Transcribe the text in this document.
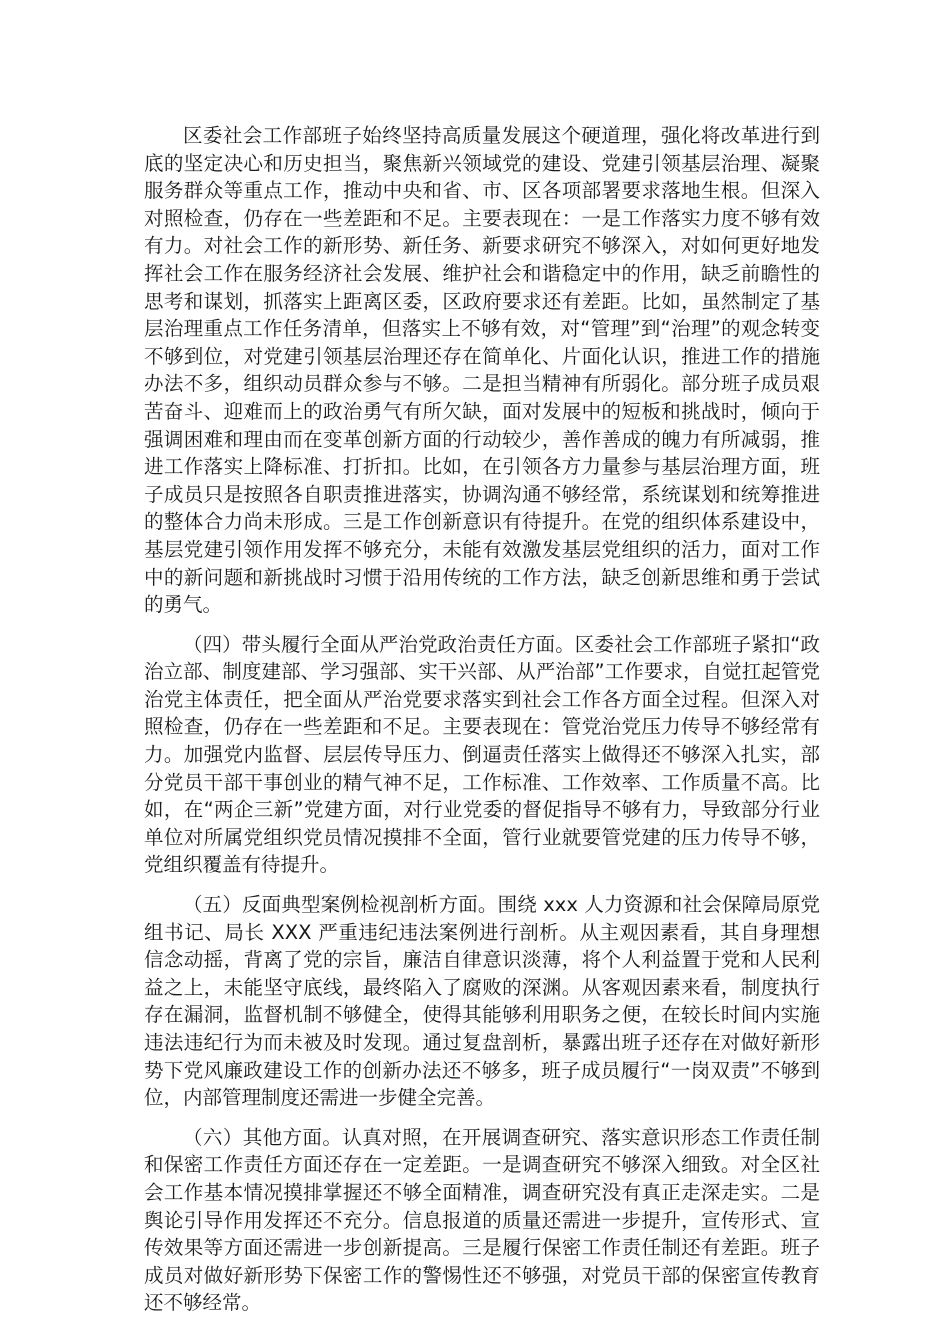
区委社会工作部班子始终坚持高质量发展这个硬道理，强化将改革进行到底的坚定决心和历史担当，聚焦新兴领域党的建设、党建引领基层治理、凝聚服务群众等重点工作，推动中央和省、市、区各项部署要求落地生根。但深入对照检查，仍存在一些差距和不足。主要表现在：一是工作落实力度不够有效有力。对社会工作的新形势、新任务、新要求研究不够深入，对如何更好地发挥社会工作在服务经济社会发展、维护社会和谐稳定中的作用，缺乏前瞻性的思考和谋划，抓落实上距离区委，区政府要求还有差距。比如，虽然制定了基层治理重点工作任务清单，但落实上不够有效，对“管理”到“治理”的观念转变不够到位，对党建引领基层治理还存在简单化、片面化认识，推进工作的措施办法不多，组织动员群众参与不够。二是担当精神有所弱化。部分班子成员艰苦奋斗、迎难而上的政治勇气有所欠缺，面对发展中的短板和挑战时，倾向于强调困难和理由而在变革创新方面的行动较少，善作善成的魄力有所减弱，推进工作落实上降标准、打折扣。比如，在引领各方力量参与基层治理方面，班子成员只是按照各自职责推进落实，协调沟通不够经常，系统谋划和统筹推进的整体合力尚未形成。三是工作创新意识有待提升。在党的组织体系建设中，基层党建引领作用发挥不够充分，未能有效激发基层党组织的活力，面对工作中的新问题和新挑战时习惯于沿用传统的工作方法，缺乏创新思维和勇于尝试的勇气。

（四）带头履行全面从严治党政治责任方面。区委社会工作部班子紧扣“政治立部、制度建部、学习强部、实干兴部、从严治部”工作要求，自觉扛起管党治党主体责任，把全面从严治党要求落实到社会工作各方面全过程。但深入对照检查，仍存在一些差距和不足。主要表现在：管党治党压力传导不够经常有力。加强党内监督、层层传导压力、倒逼责任落实上做得还不够深入扎实，部分党员干部干事创业的精气神不足，工作标准、工作效率、工作质量不高。比如，在“两企三新”党建方面，对行业党委的督促指导不够有力，导致部分行业单位对所属党组织党员情况摸排不全面，管行业就要管党建的压力传导不够，党组织覆盖有待提升。

（五）反面典型案例检视剖析方面。围绕 xxx 人力资源和社会保障局原党组书记、局长 XXX 严重违纪违法案例进行剖析。从主观因素看，其自身理想信念动摇，背离了党的宗旨，廉洁自律意识淡薄，将个人利益置于党和人民利益之上，未能坚守底线，最终陷入了腐败的深渊。从客观因素来看，制度执行存在漏洞，监督机制不够健全，使得其能够利用职务之便，在较长时间内实施违法违纪行为而未被及时发现。通过复盘剖析，暴露出班子还存在对做好新形势下党风廉政建设工作的创新办法还不够多，班子成员履行“一岗双责”不够到位，内部管理制度还需进一步健全完善。

（六）其他方面。认真对照，在开展调查研究、落实意识形态工作责任制和保密工作责任方面还存在一定差距。一是调查研究不够深入细致。对全区社会工作基本情况摸排掌握还不够全面精准，调查研究没有真正走深走实。二是舆论引导作用发挥还不充分。信息报道的质量还需进一步提升，宣传形式、宣传效果等方面还需进一步创新提高。三是履行保密工作责任制还有差距。班子成员对做好新形势下保密工作的警惕性还不够强，对党员干部的保密宣传教育还不够经常。
